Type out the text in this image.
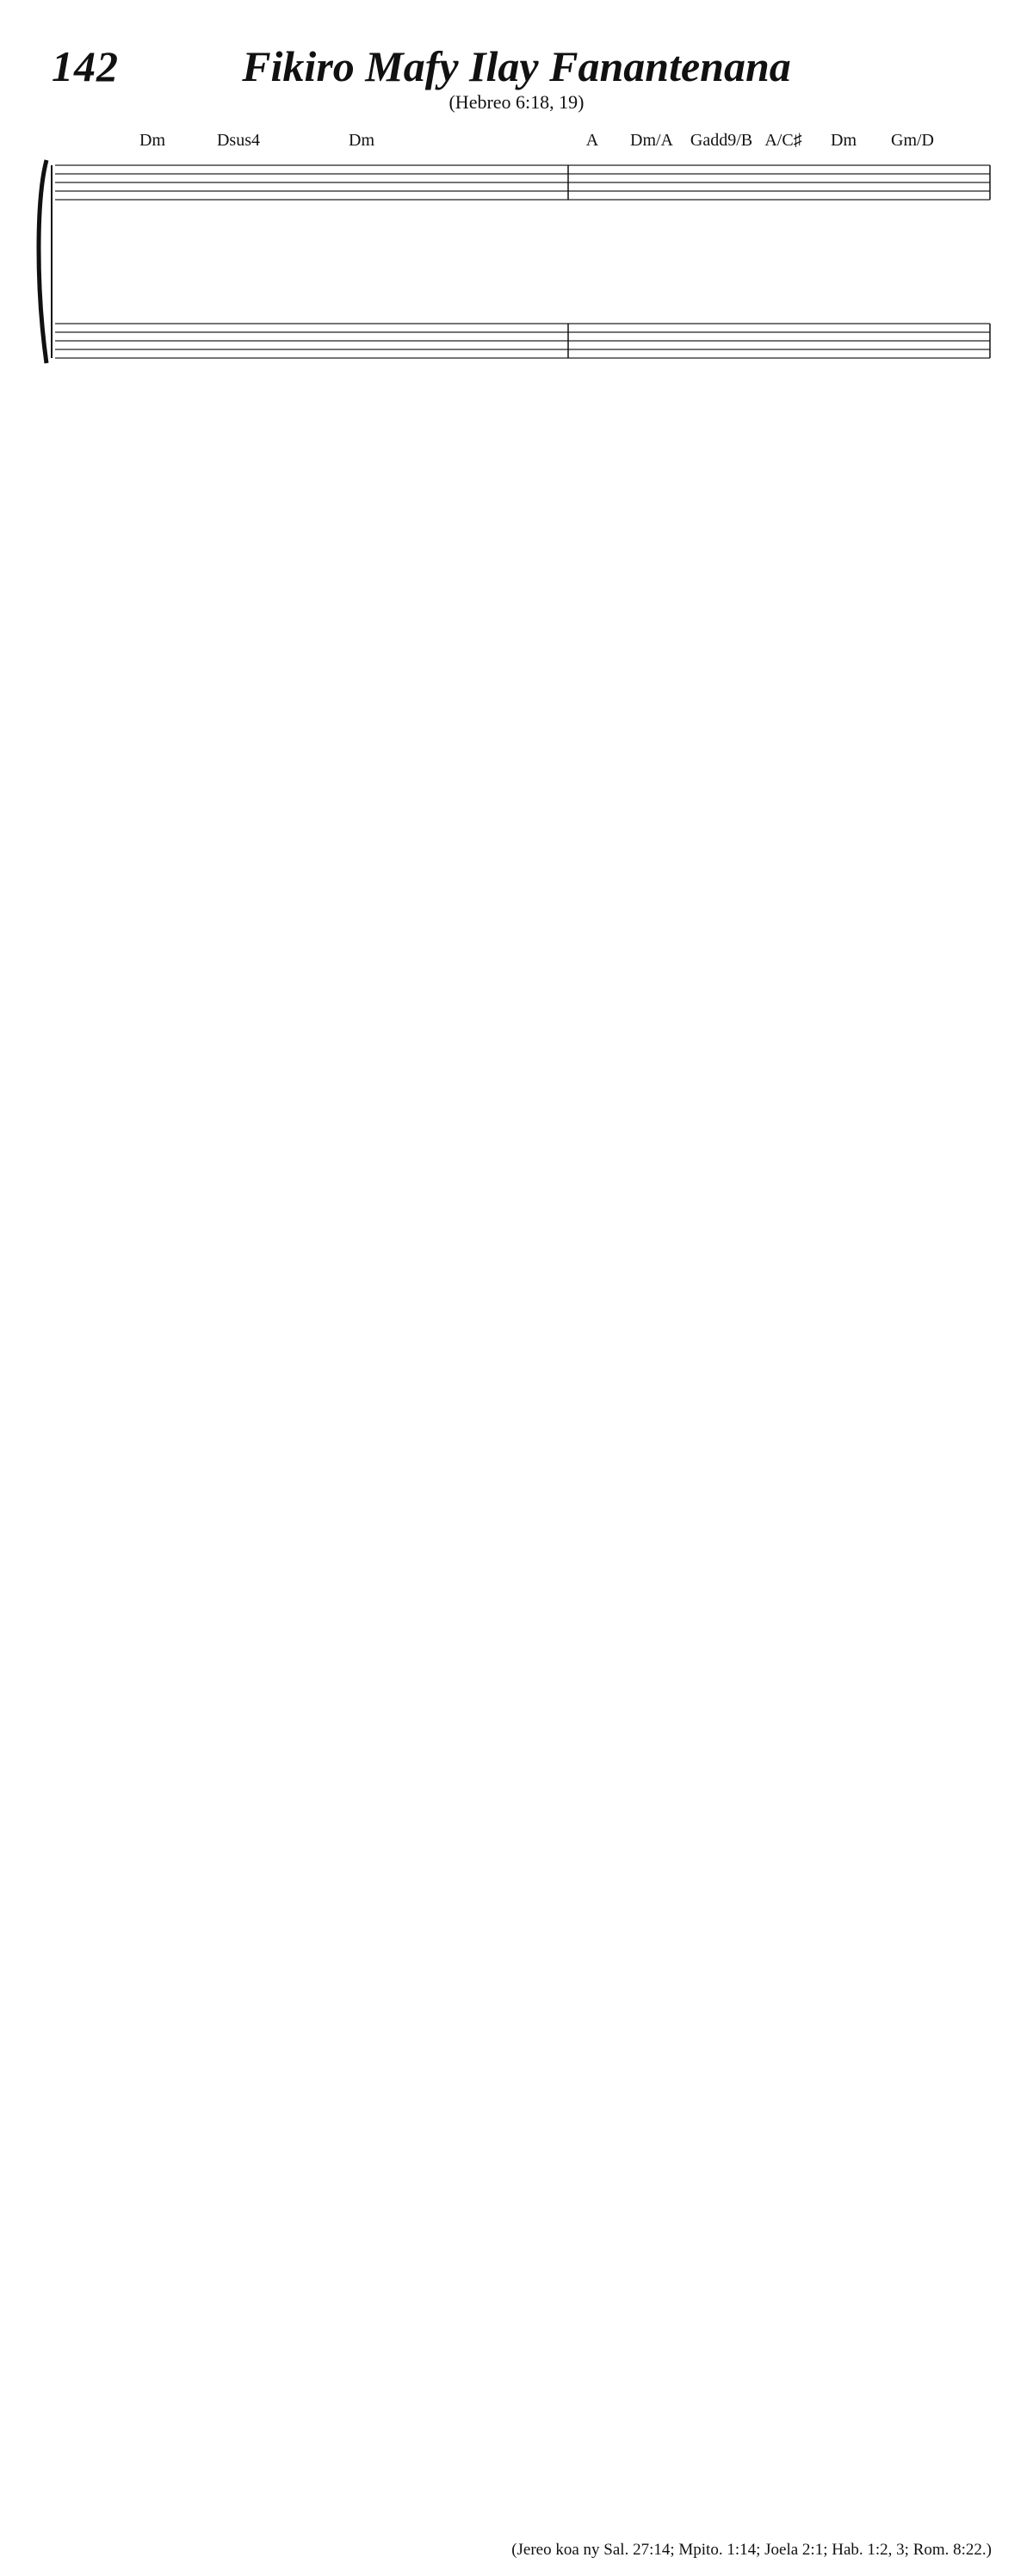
142	Fikiro Mafy Ilay Fanantenana
(Hebreo 6:18, 19)
Dm	Dsus4	Dm	A Dm/A Gadd9/B A/C♯ Dm Gm/D
(Jereo koa ny Sal. 27:14; Mpito. 1:14; Joela 2:1; Hab. 1:2, 3; Rom. 8:22.)
